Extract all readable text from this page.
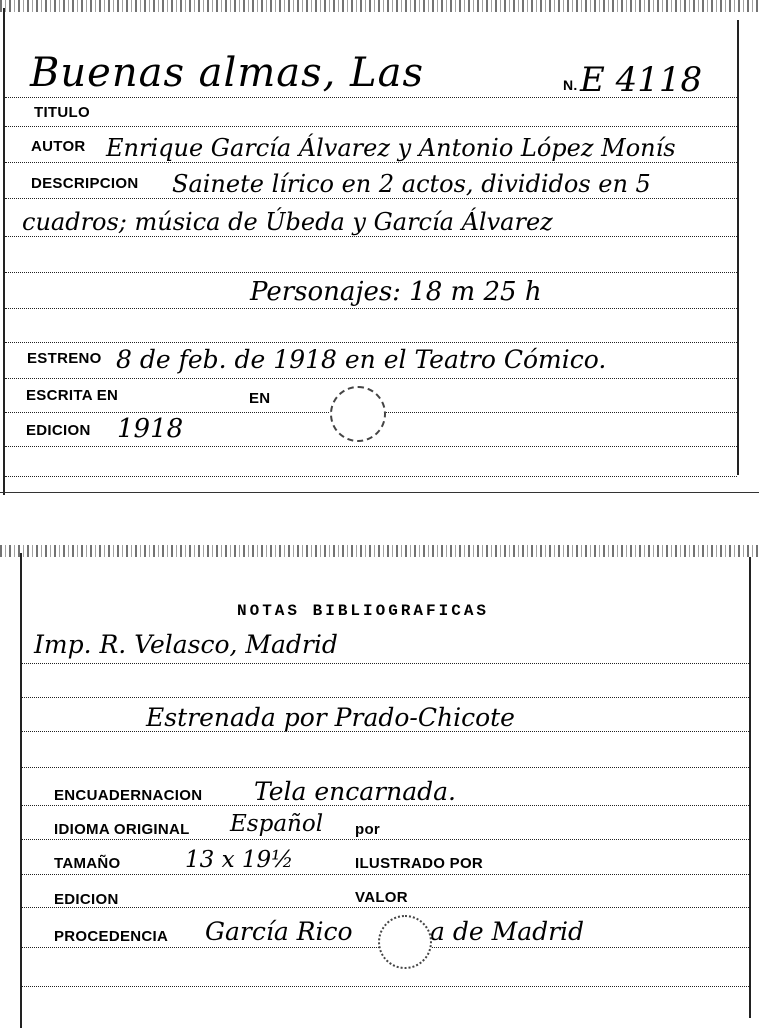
Buenas almas, Las	N. E 4118
TITULO
AUTOR Enrique García Álvarez y Antonio López Monís
DESCRIPCION Sainete lírico en 2 actos, divididos en 5
cuadros; música de Úbeda y García Álvarez
Personajes: 18 m 25 h
ESTRENO 8 de feb. de 1918 en el Teatro Cómico.
ESCRITA EN	EN
EDICION 1918
NOTAS BIBLIOGRAFICAS
Imp. R. Velasco, Madrid
Estrenada por Prado-Chicote
ENCUADERNACION Tela encarnada.
IDIOMA ORIGINAL Español por
TAMAÑO	13 x 19½	ILUSTRADO POR
EDICION	VALOR
PROCEDENCIA García Rico	a de Madrid
